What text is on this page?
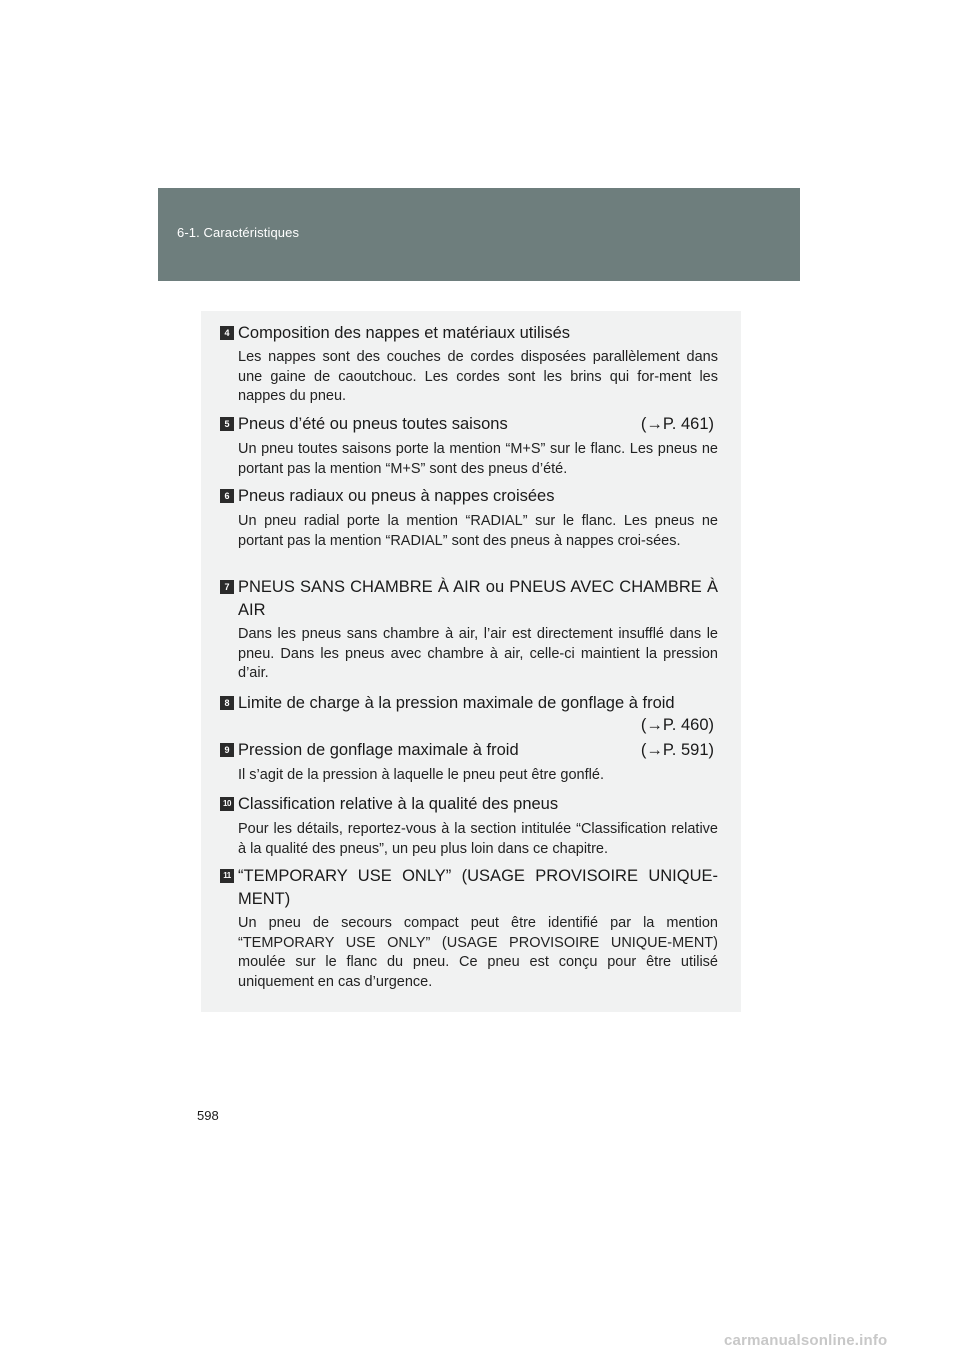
6-1. Caractéristiques
4 Composition des nappes et matériaux utilisés
Les nappes sont des couches de cordes disposées parallèlement dans une gaine de caoutchouc. Les cordes sont les brins qui for-ment les nappes du pneu.
5 Pneus d’été ou pneus toutes saisons	(→P. 461)
Un pneu toutes saisons porte la mention “M+S” sur le flanc. Les pneus ne portant pas la mention “M+S” sont des pneus d’été.
6 Pneus radiaux ou pneus à nappes croisées
Un pneu radial porte la mention “RADIAL” sur le flanc. Les pneus ne portant pas la mention “RADIAL” sont des pneus à nappes croi-sées.
7 PNEUS SANS CHAMBRE À AIR ou PNEUS AVEC CHAMBRE À AIR
Dans les pneus sans chambre à air, l’air est directement insufflé dans le pneu. Dans les pneus avec chambre à air, celle-ci maintient la pression d’air.
8 Limite de charge à la pression maximale de gonflage à froid
(→P. 460)
9 Pression de gonflage maximale à froid	(→P. 591)
Il s’agit de la pression à laquelle le pneu peut être gonflé.
10 Classification relative à la qualité des pneus
Pour les détails, reportez-vous à la section intitulée “Classification relative à la qualité des pneus”, un peu plus loin dans ce chapitre.
11 “TEMPORARY USE ONLY” (USAGE PROVISOIRE UNIQUE-MENT)
Un pneu de secours compact peut être identifié par la mention “TEMPORARY USE ONLY” (USAGE PROVISOIRE UNIQUE-MENT) moulée sur le flanc du pneu. Ce pneu est conçu pour être utilisé uniquement en cas d’urgence.
598
carmanualsonline.info
